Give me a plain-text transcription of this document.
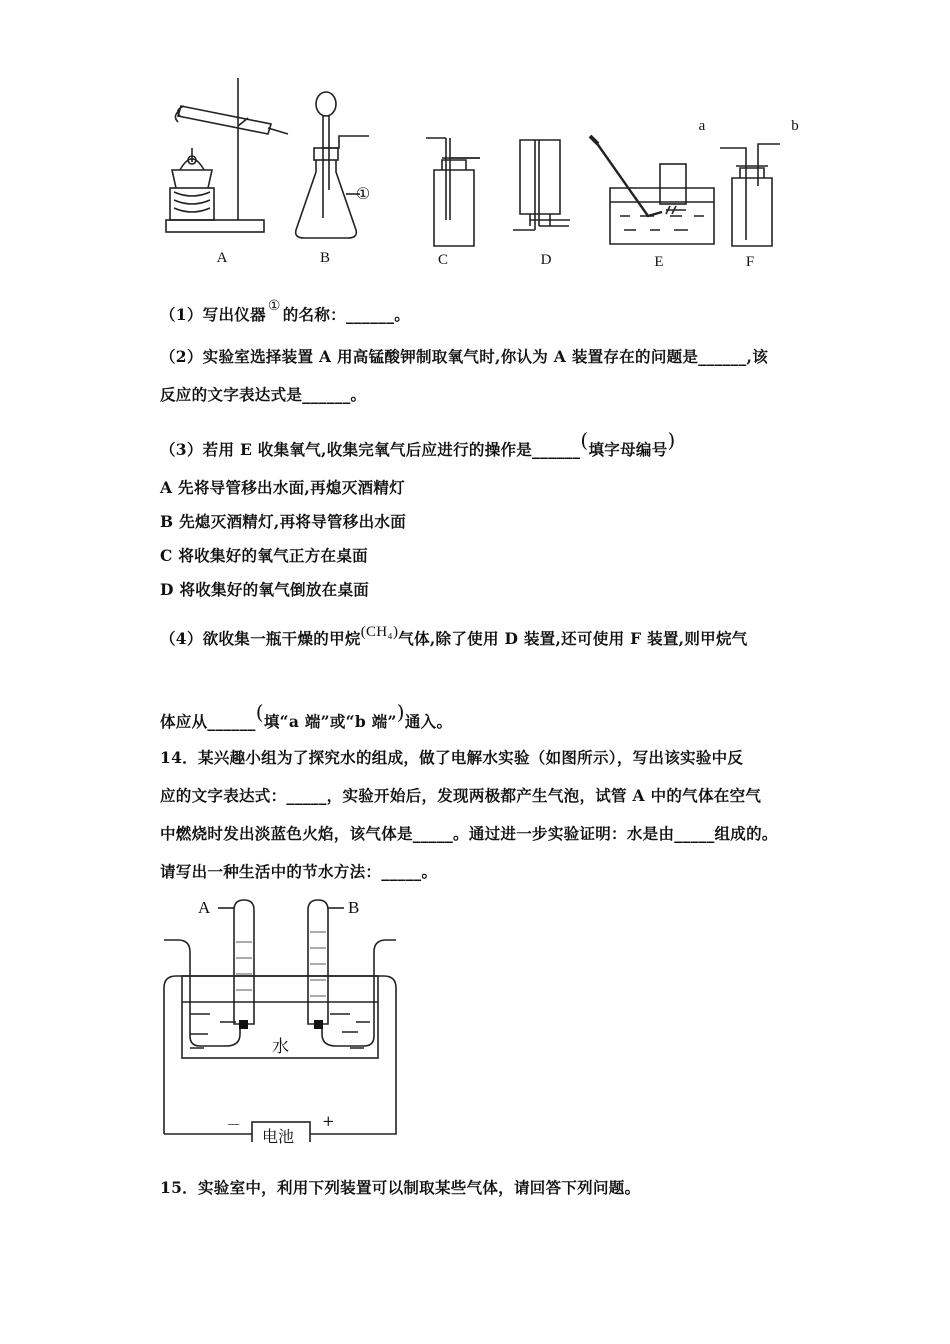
A	B	C	D	E	F
①
a	b
（1）写出仪器 ① 的名称：______。
（2）实验室选择装置 A 用高锰酸钾制取氧气时,你认为 A 装置存在的问题是______,该
反应的文字表达式是______。
（3）若用 E 收集氧气,收集完氧气后应进行的操作是______(填字母编号)
A 先将导管移出水面,再熄灭酒精灯
B 先熄灭酒精灯,再将导管移出水面
C 将收集好的氧气正方在桌面
D 将收集好的氧气倒放在桌面
（4）欲收集一瓶干燥的甲烷(CH₄)气体,除了使用 D 装置,还可使用 F 装置,则甲烷气
体应从______(填“a 端”或“b 端”)通入。
14．某兴趣小组为了探究水的组成，做了电解水实验（如图所示），写出该实验中反
应的文字表达式：_____，实验开始后，发现两极都产生气泡，试管 A 中的气体在空气
中燃烧时发出淡蓝色火焰，该气体是_____。通过进一步实验证明：水是由_____组成的。
请写出一种生活中的节水方法：_____。
A	B
水
电池
－	+
15．实验室中，利用下列装置可以制取某些气体，请回答下列问题。
